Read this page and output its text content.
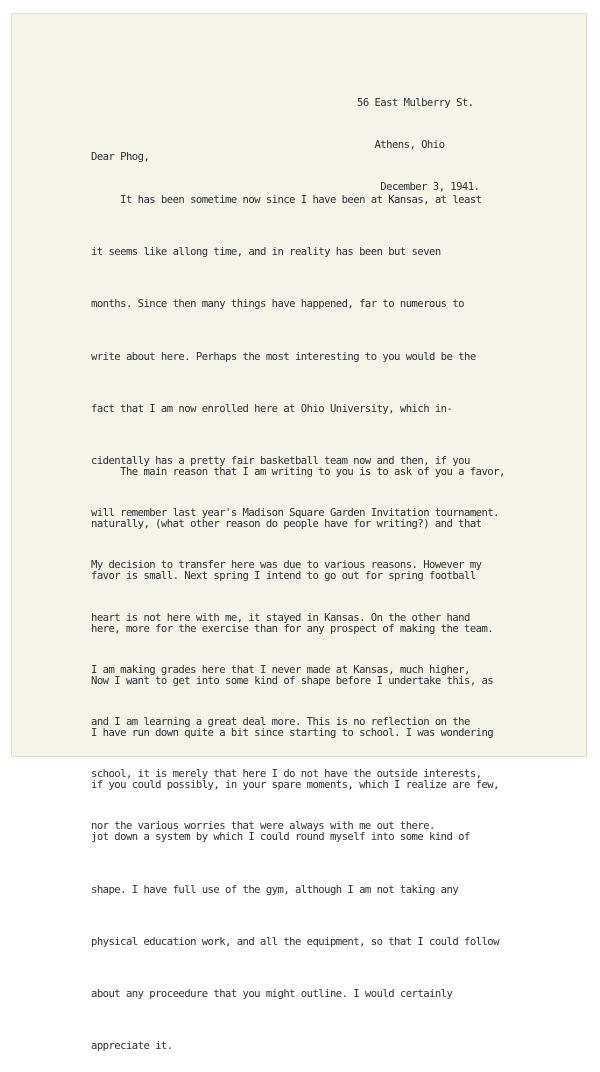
56 East Mulberry St.

Athens, Ohio

December 3, 1941.

Dear Phog,

It has been sometime now since I have been at Kansas, at least

it seems like allong time, and in reality has been but seven

months. Since then many things have happened, far to numerous to

write about here. Perhaps the most interesting to you would be the

fact that I am now enrolled here at Ohio University, which in-

cidentally has a pretty fair basketball team now and then, if you

will remember last year's Madison Square Garden Invitation tournament.

My decision to transfer here was due to various reasons. However my

heart is not here with me, it stayed in Kansas. On the other hand

I am making grades here that I never made at Kansas, much higher,

and I am learning a great deal more. This is no reflection on the

school, it is merely that here I do not have the outside interests,

nor the various worries that were always with me out there.

The main reason that I am writing to you is to ask of you a favor,

naturally, (what other reason do people have for writing?) and that

favor is small. Next spring I intend to go out for spring football

here, more for the exercise than for any prospect of making the team.

Now I want to get into some kind of shape before I undertake this, as

I have run down quite a bit since starting to school. I was wondering

if you could possibly, in your spare moments, which I realize are few,

jot down a system by which I could round myself into some kind of

shape. I have full use of the gym, although I am not taking any

physical education work, and all the equipment, so that I could follow

about any proceedure that you might outline. I would certainly

appreciate it.
